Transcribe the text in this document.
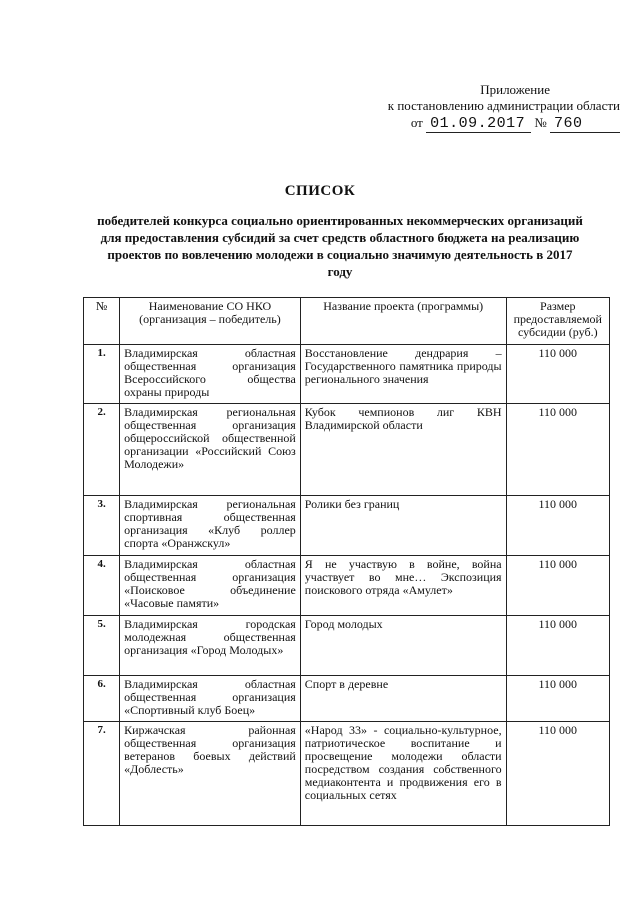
Приложение
к постановлению администрации области
от 01.09.2017 № 760
СПИСОК
победителей конкурса социально ориентированных некоммерческих организаций для предоставления субсидий за счет средств областного бюджета на реализацию проектов по вовлечению молодежи в социально значимую деятельность в 2017 году
№	Наименование СО НКО (организация – победитель)	Название проекта (программы)	Размер предоставляемой субсидии (руб.)
1.	Владимирская областная общественная организация Всероссийского общества охраны природы	Восстановление дендрария – Государственного памятника природы регионального значения	110 000
2.	Владимирская региональная общественная организация общероссийской общественной организации «Российский Союз Молодежи»	Кубок чемпионов лиг КВН Владимирской области	110 000
3.	Владимирская региональная спортивная общественная организация «Клуб роллер спорта «Оранжскул»	Ролики без границ	110 000
4.	Владимирская областная общественная организация «Поисковое объединение «Часовые памяти»	Я не участвую в войне, война участвует во мне… Экспозиция поискового отряда «Амулет»	110 000
5.	Владимирская городская молодежная общественная организация «Город Молодых»	Город молодых	110 000
6.	Владимирская областная общественная организация «Спортивный клуб Боец»	Спорт в деревне	110 000
7.	Киржачская районная общественная организация ветеранов боевых действий «Доблесть»	«Народ 33» - социально-культурное, патриотическое воспитание и просвещение молодежи области посредством создания собственного медиаконтента и продвижения его в социальных сетях	110 000
